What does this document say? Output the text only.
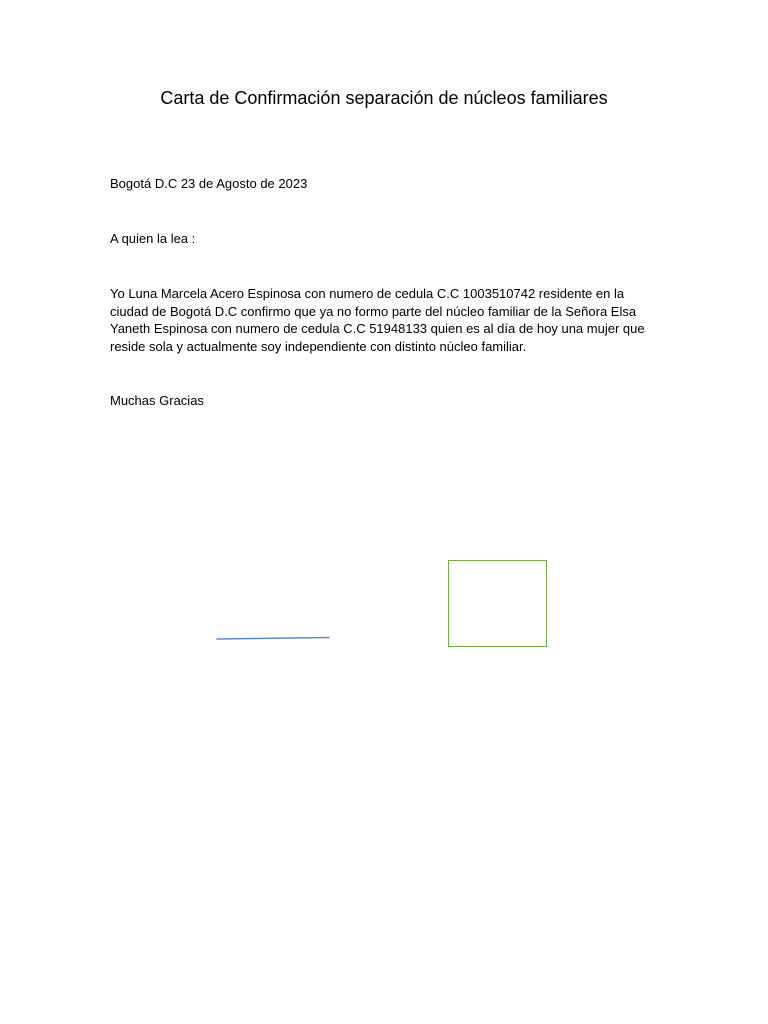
Carta de Confirmación separación de núcleos familiares
Bogotá D.C 23 de Agosto de 2023
A quien la lea :
Yo Luna Marcela Acero Espinosa con numero de cedula C.C 1003510742 residente en la ciudad de Bogotá D.C confirmo que ya no formo parte del núcleo familiar de la Señora Elsa Yaneth Espinosa con numero de cedula C.C 51948133 quien es al día de hoy una mujer que reside sola y actualmente soy independiente con distinto núcleo familiar.
Muchas Gracias
